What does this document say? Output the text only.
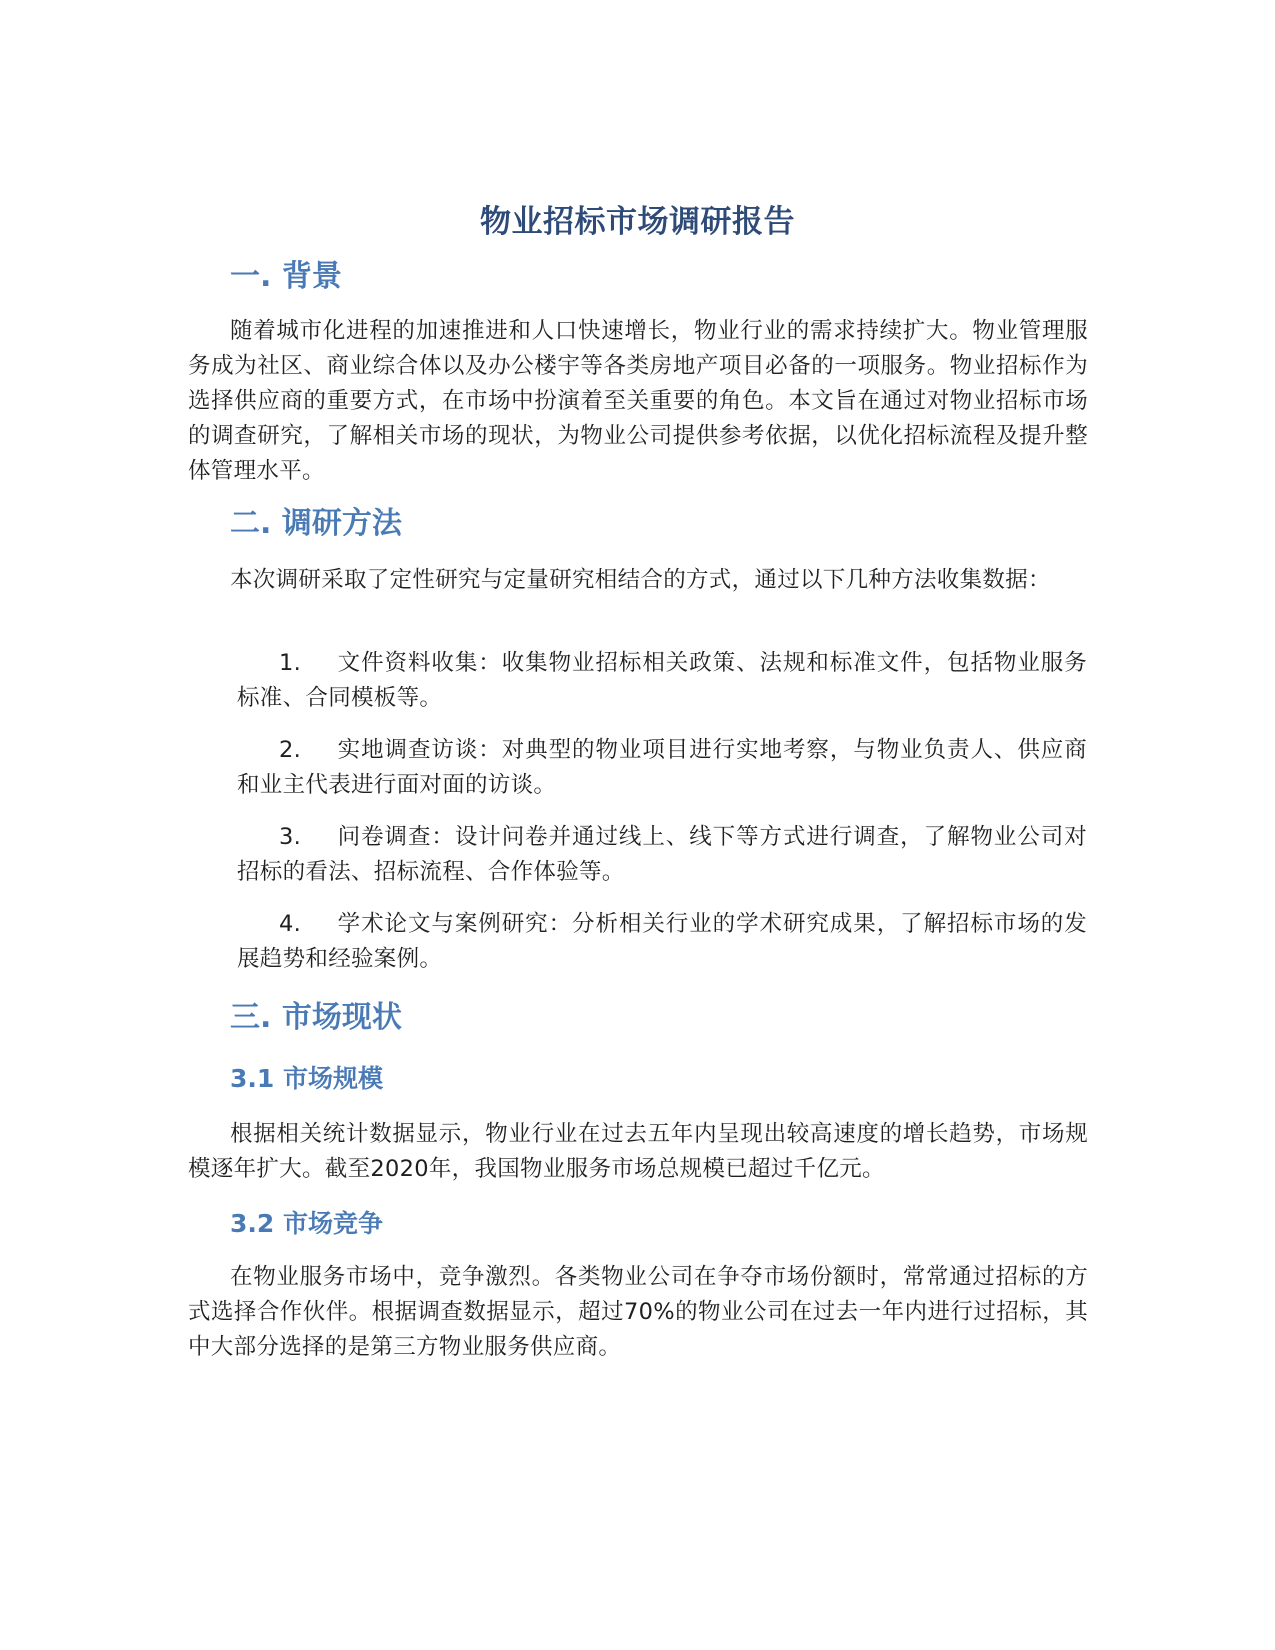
物业招标市场调研报告
一. 背景
随着城市化进程的加速推进和人口快速增长，物业行业的需求持续扩大。物业管理服务成为社区、商业综合体以及办公楼宇等各类房地产项目必备的一项服务。物业招标作为选择供应商的重要方式，在市场中扮演着至关重要的角色。本文旨在通过对物业招标市场的调查研究，了解相关市场的现状，为物业公司提供参考依据，以优化招标流程及提升整体管理水平。
二. 调研方法
本次调研采取了定性研究与定量研究相结合的方式，通过以下几种方法收集数据：
1. 文件资料收集：收集物业招标相关政策、法规和标准文件，包括物业服务标准、合同模板等。
2. 实地调查访谈：对典型的物业项目进行实地考察，与物业负责人、供应商和业主代表进行面对面的访谈。
3. 问卷调查：设计问卷并通过线上、线下等方式进行调查，了解物业公司对招标的看法、招标流程、合作体验等。
4. 学术论文与案例研究：分析相关行业的学术研究成果，了解招标市场的发展趋势和经验案例。
三. 市场现状
3.1 市场规模
根据相关统计数据显示，物业行业在过去五年内呈现出较高速度的增长趋势，市场规模逐年扩大。截至2020年，我国物业服务市场总规模已超过千亿元。
3.2 市场竞争
在物业服务市场中，竞争激烈。各类物业公司在争夺市场份额时，常常通过招标的方式选择合作伙伴。根据调查数据显示，超过70%的物业公司在过去一年内进行过招标，其中大部分选择的是第三方物业服务供应商。
